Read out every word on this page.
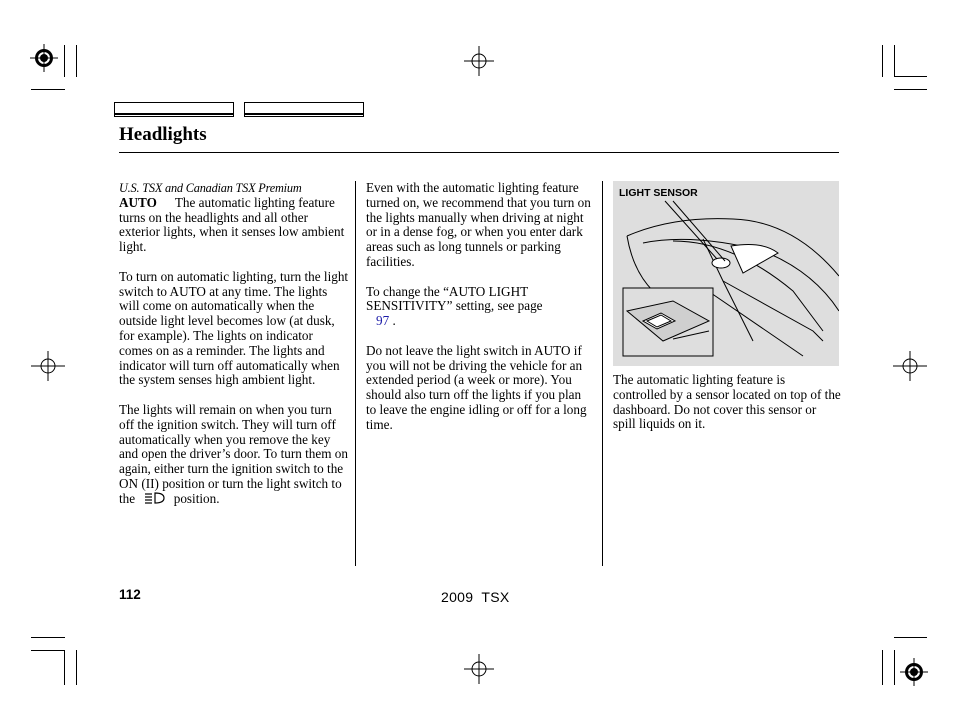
Headlights
U.S. TSX and Canadian TSX Premium

AUTO The automatic lighting feature turns on the headlights and all other exterior lights, when it senses low ambient light.

To turn on automatic lighting, turn the light switch to AUTO at any time. The lights will come on automatically when the outside light level becomes low (at dusk, for example). The lights on indicator comes on as a reminder. The lights and indicator will turn off automatically when the system senses high ambient light.

The lights will remain on when you turn off the ignition switch. They will turn off automatically when you remove the key and open the driver’s door. To turn them on again, either turn the ignition switch to the ON (II) position or turn the light switch to the	position.

Even with the automatic lighting feature turned on, we recommend that you turn on the lights manually when driving at night or in a dense fog, or when you enter dark areas such as long tunnels or parking facilities.

To change the “AUTO LIGHT SENSITIVITY” setting, see page
97 .

Do not leave the light switch in AUTO if you will not be driving the vehicle for an extended period (a week or more). You should also turn off the lights if you plan to leave the engine idling or off for a long time.

LIGHT SENSOR

The automatic lighting feature is controlled by a sensor located on top of the dashboard. Do not cover this sensor or spill liquids on it.

112	2009 TSX
